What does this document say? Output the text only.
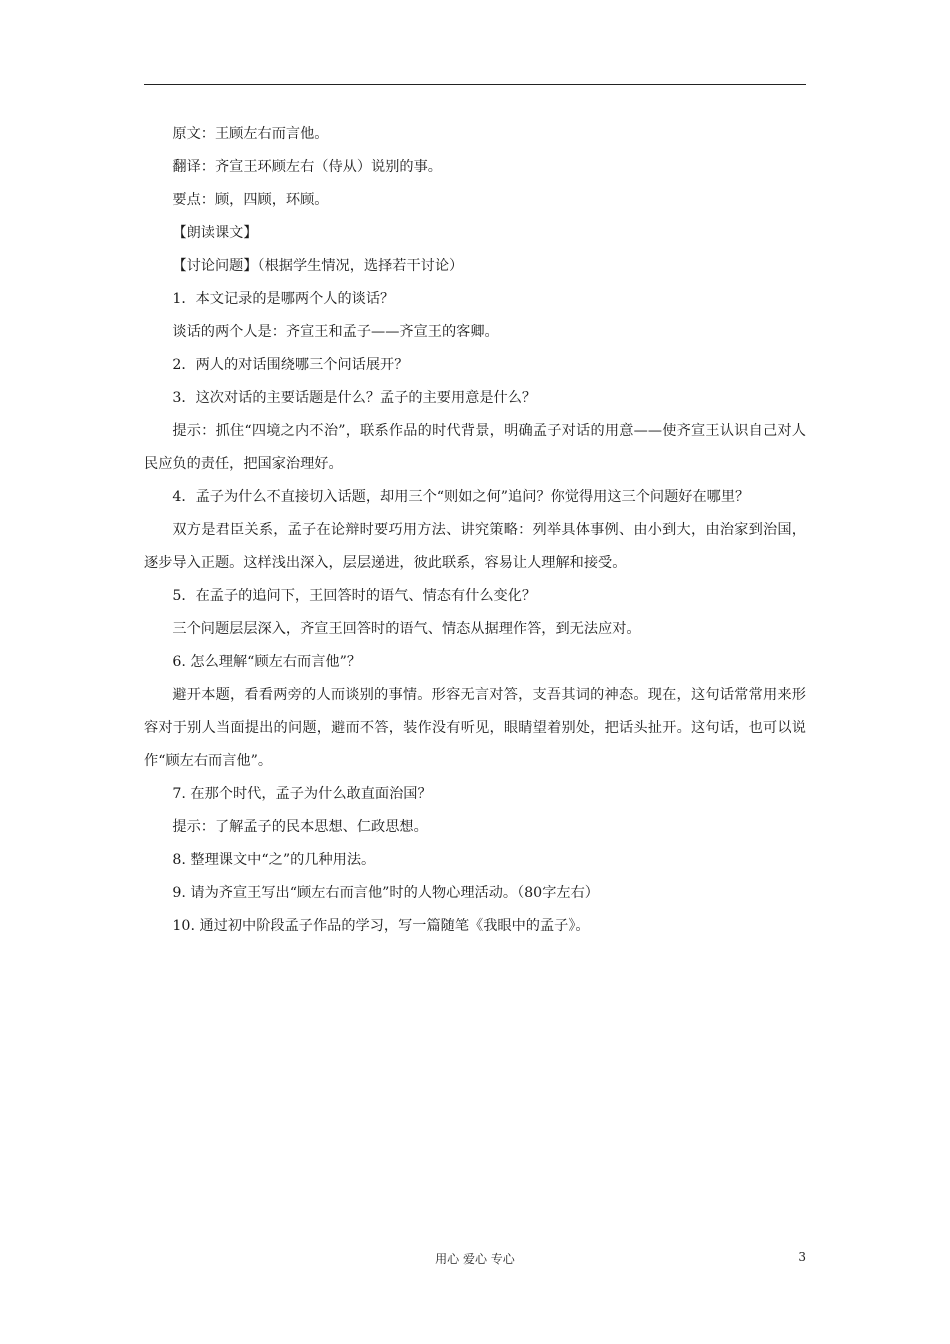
原文：王顾左右而言他。

翻译：齐宣王环顾左右（侍从）说别的事。

要点：顾，四顾，环顾。

【朗读课文】

【讨论问题】（根据学生情况，选择若干讨论）

1．本文记录的是哪两个人的谈话？

谈话的两个人是：齐宣王和孟子——齐宣王的客卿。

2．两人的对话围绕哪三个问话展开？

3．这次对话的主要话题是什么？孟子的主要用意是什么？

提示：抓住“四境之内不治”，联系作品的时代背景，明确孟子对话的用意——使齐宣王认识自己对人民应负的责任，把国家治理好。

4．孟子为什么不直接切入话题，却用三个“则如之何”追问？你觉得用这三个问题好在哪里？

双方是君臣关系，孟子在论辩时要巧用方法、讲究策略：列举具体事例、由小到大，由治家到治国，逐步导入正题。这样浅出深入，层层递进，彼此联系，容易让人理解和接受。

5．在孟子的追问下，王回答时的语气、情态有什么变化？

三个问题层层深入，齐宣王回答时的语气、情态从据理作答，到无法应对。

6. 怎么理解“顾左右而言他”？

避开本题，看看两旁的人而谈别的事情。形容无言对答，支吾其词的神态。现在，这句话常常用来形容对于别人当面提出的问题，避而不答，装作没有听见，眼睛望着别处，把话头扯开。这句话，也可以说作“顾左右而言他”。

7. 在那个时代，孟子为什么敢直面治国？

提示：了解孟子的民本思想、仁政思想。

8. 整理课文中“之”的几种用法。

9. 请为齐宣王写出“顾左右而言他”时的人物心理活动。（80字左右）

10. 通过初中阶段孟子作品的学习，写一篇随笔《我眼中的孟子》。

用心 爱心 专心	3
